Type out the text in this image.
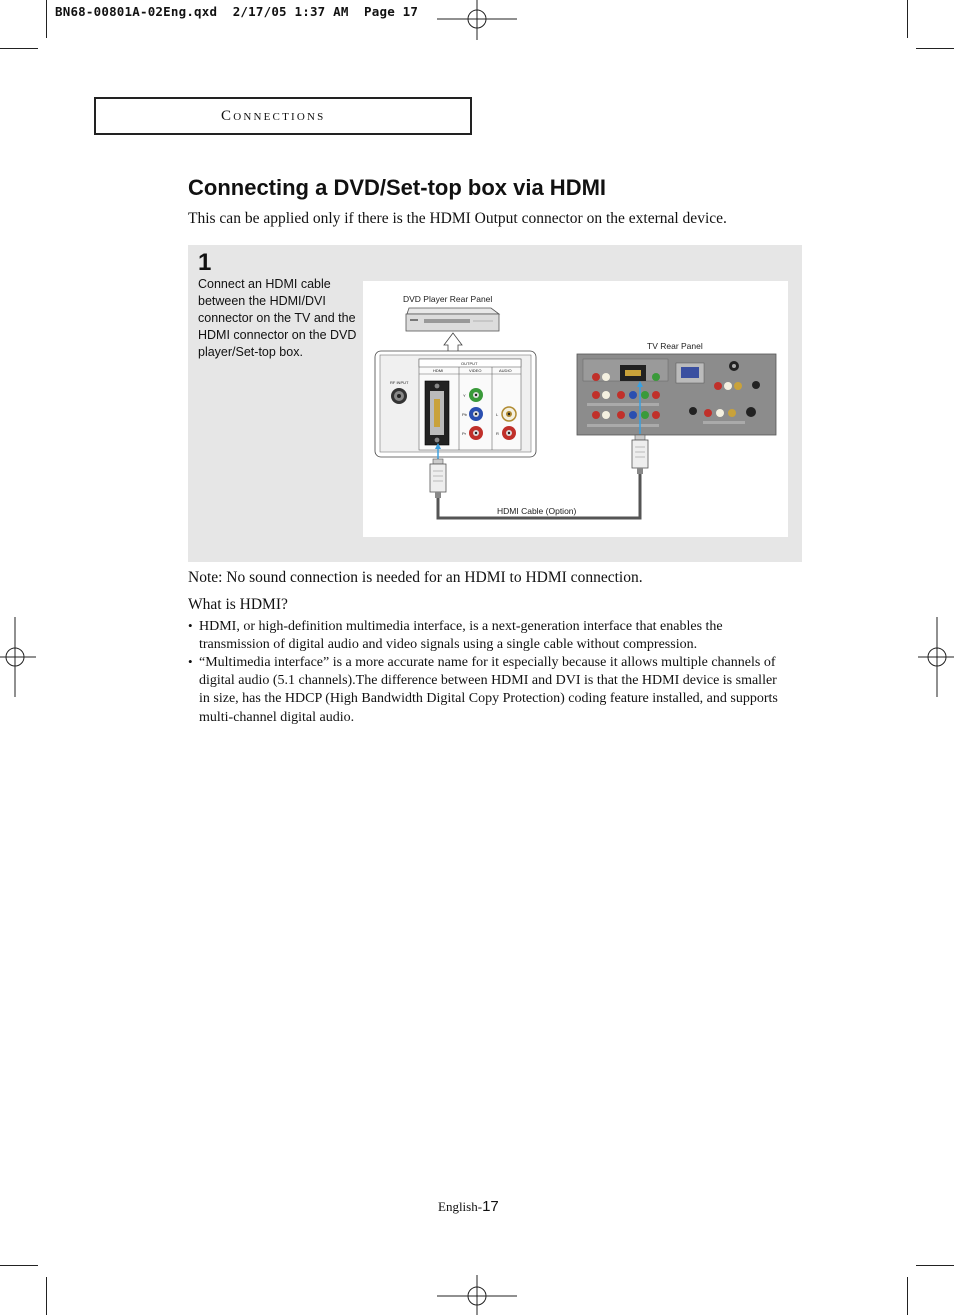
BN68-00801A-02Eng.qxd  2/17/05 1:37 AM  Page 17
Connections
Connecting a DVD/Set-top box via HDMI
This can be applied only if there is the HDMI Output connector on the external device.
1
Connect an HDMI cable between the HDMI/DVI connector on the TV and the HDMI connector on the DVD player/Set-top box.
DVD Player Rear Panel
TV Rear Panel
HDMI Cable (Option)
RF INPUT
OUTPUT
HDMI	VIDEO	AUDIO
Y
Pb
Pr
L
R
Note: No sound connection is needed for an HDMI to HDMI connection.
What is HDMI?
• HDMI, or high-definition multimedia interface, is a next-generation interface that enables the transmission of digital audio and video signals using a single cable without compression.
• “Multimedia interface” is a more accurate name for it especially because it allows multiple channels of digital audio (5.1 channels).The difference between HDMI and DVI is that the HDMI device is smaller in size, has the HDCP (High Bandwidth Digital Copy Protection) coding feature installed, and supports multi-channel digital audio.
English-17
